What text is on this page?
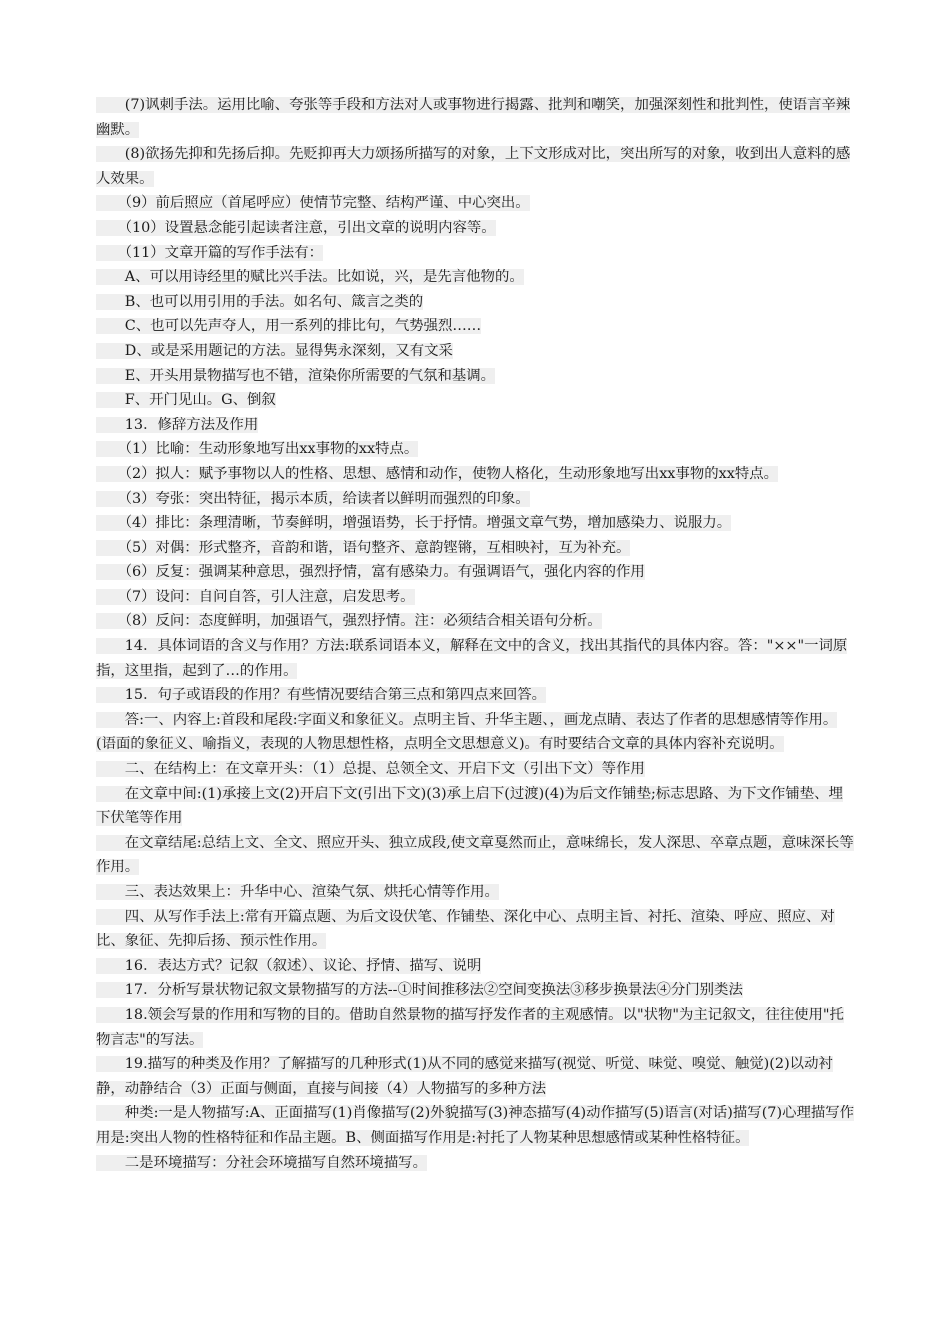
　　(7)讽刺手法。运用比喻、夸张等手段和方法对人或事物进行揭露、批判和嘲笑，加强深刻性和批判性，使语言辛辣幽默。

　　(8)欲扬先抑和先扬后抑。先贬抑再大力颂扬所描写的对象，上下文形成对比，突出所写的对象，收到出人意料的感人效果。

　　（9）前后照应（首尾呼应）使情节完整、结构严谨、中心突出。

　　（10）设置悬念能引起读者注意，引出文章的说明内容等。

　　（11）文章开篇的写作手法有：

　　A、可以用诗经里的赋比兴手法。比如说，兴，是先言他物的。

　　B、也可以用引用的手法。如名句、箴言之类的

　　C、也可以先声夺人，用一系列的排比句，气势强烈……

　　D、或是采用题记的方法。显得隽永深刻，又有文采

　　E、开头用景物描写也不错，渲染你所需要的气氛和基调。

　　F、开门见山。G、倒叙

　　13．修辞方法及作用

　　（1）比喻：生动形象地写出xx事物的xx特点。

　　（2）拟人：赋予事物以人的性格、思想、感情和动作，使物人格化，生动形象地写出xx事物的xx特点。

　　（3）夸张：突出特征，揭示本质，给读者以鲜明而强烈的印象。

　　（4）排比：条理清晰，节奏鲜明，增强语势，长于抒情。增强文章气势，增加感染力、说服力。

　　（5）对偶：形式整齐，音韵和谐，语句整齐、意韵铿锵，互相映衬，互为补充。

　　（6）反复：强调某种意思，强烈抒情，富有感染力。有强调语气，强化内容的作用

　　（7）设问：自问自答，引人注意，启发思考。

　　（8）反问：态度鲜明，加强语气，强烈抒情。注：必须结合相关语句分析。

　　14．具体词语的含义与作用？方法:联系词语本义，解释在文中的含义，找出其指代的具体内容。答："××"一词原指，这里指，起到了…的作用。

　　15．句子或语段的作用？有些情况要结合第三点和第四点来回答。

　　答:一、内容上:首段和尾段:字面义和象征义。点明主旨、升华主题、，画龙点睛、表达了作者的思想感情等作用。(语面的象征义、喻指义，表现的人物思想性格，点明全文思想意义)。有时要结合文章的具体内容补充说明。

　　二、在结构上：在文章开头：（1）总提、总领全文、开启下文（引出下文）等作用

　　在文章中间:(1)承接上文(2)开启下文(引出下文)(3)承上启下(过渡)(4)为后文作铺垫;标志思路、为下文作铺垫、埋下伏笔等作用

　　在文章结尾:总结上文、全文、照应开头、独立成段,使文章戛然而止，意味绵长，发人深思、卒章点题，意味深长等作用。

　　三、表达效果上：升华中心、渲染气氛、烘托心情等作用。

　　四、从写作手法上:常有开篇点题、为后文设伏笔、作铺垫、深化中心、点明主旨、衬托、渲染、呼应、照应、对比、象征、先抑后扬、预示性作用。

　　16．表达方式？记叙（叙述）、议论、抒情、描写、说明

　　17．分析写景状物记叙文景物描写的方法--①时间推移法②空间变换法③移步换景法④分门别类法

　　18.领会写景的作用和写物的目的。借助自然景物的描写抒发作者的主观感情。以"状物"为主记叙文，往往使用"托物言志"的写法。

　　19.描写的种类及作用？了解描写的几种形式(1)从不同的感觉来描写(视觉、听觉、味觉、嗅觉、触觉)(2)以动衬静，动静结合（3）正面与侧面，直接与间接（4）人物描写的多种方法

　　种类:一是人物描写:A、正面描写(1)肖像描写(2)外貌描写(3)神态描写(4)动作描写(5)语言(对话)描写(7)心理描写作用是:突出人物的性格特征和作品主题。B、侧面描写作用是:衬托了人物某种思想感情或某种性格特征。

　　二是环境描写：分社会环境描写自然环境描写。
